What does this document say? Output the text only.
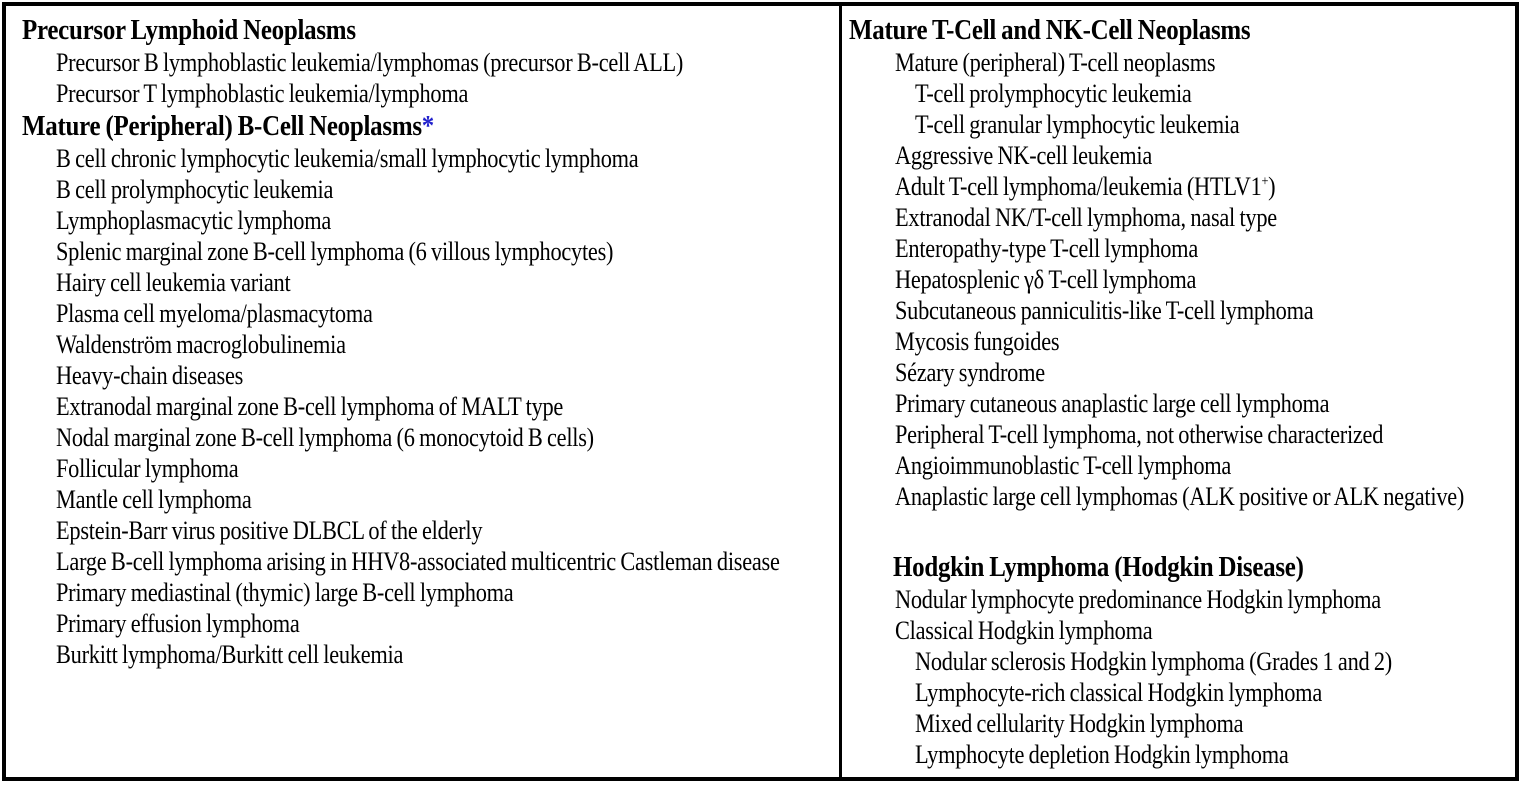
Precursor Lymphoid Neoplasms
Precursor B lymphoblastic leukemia/lymphomas (precursor B-cell ALL)
Precursor T lymphoblastic leukemia/lymphoma
Mature (Peripheral) B-Cell Neoplasms*
B cell chronic lymphocytic leukemia/small lymphocytic lymphoma
B cell prolymphocytic leukemia
Lymphoplasmacytic lymphoma
Splenic marginal zone B-cell lymphoma (6 villous lymphocytes)
Hairy cell leukemia variant
Plasma cell myeloma/plasmacytoma
Waldenström macroglobulinemia
Heavy-chain diseases
Extranodal marginal zone B-cell lymphoma of MALT type
Nodal marginal zone B-cell lymphoma (6 monocytoid B cells)
Follicular lymphoma
Mantle cell lymphoma
Epstein-Barr virus positive DLBCL of the elderly
Large B-cell lymphoma arising in HHV8-associated multicentric Castleman disease
Primary mediastinal (thymic) large B-cell lymphoma
Primary effusion lymphoma
Burkitt lymphoma/Burkitt cell leukemia
Mature T-Cell and NK-Cell Neoplasms
Mature (peripheral) T-cell neoplasms
T-cell prolymphocytic leukemia
T-cell granular lymphocytic leukemia
Aggressive NK-cell leukemia
Adult T-cell lymphoma/leukemia (HTLV1+)
Extranodal NK/T-cell lymphoma, nasal type
Enteropathy-type T-cell lymphoma
Hepatosplenic γδ T-cell lymphoma
Subcutaneous panniculitis-like T-cell lymphoma
Mycosis fungoides
Sézary syndrome
Primary cutaneous anaplastic large cell lymphoma
Peripheral T-cell lymphoma, not otherwise characterized
Angioimmunoblastic T-cell lymphoma
Anaplastic large cell lymphomas (ALK positive or ALK negative)
Hodgkin Lymphoma (Hodgkin Disease)
Nodular lymphocyte predominance Hodgkin lymphoma
Classical Hodgkin lymphoma
Nodular sclerosis Hodgkin lymphoma (Grades 1 and 2)
Lymphocyte-rich classical Hodgkin lymphoma
Mixed cellularity Hodgkin lymphoma
Lymphocyte depletion Hodgkin lymphoma
